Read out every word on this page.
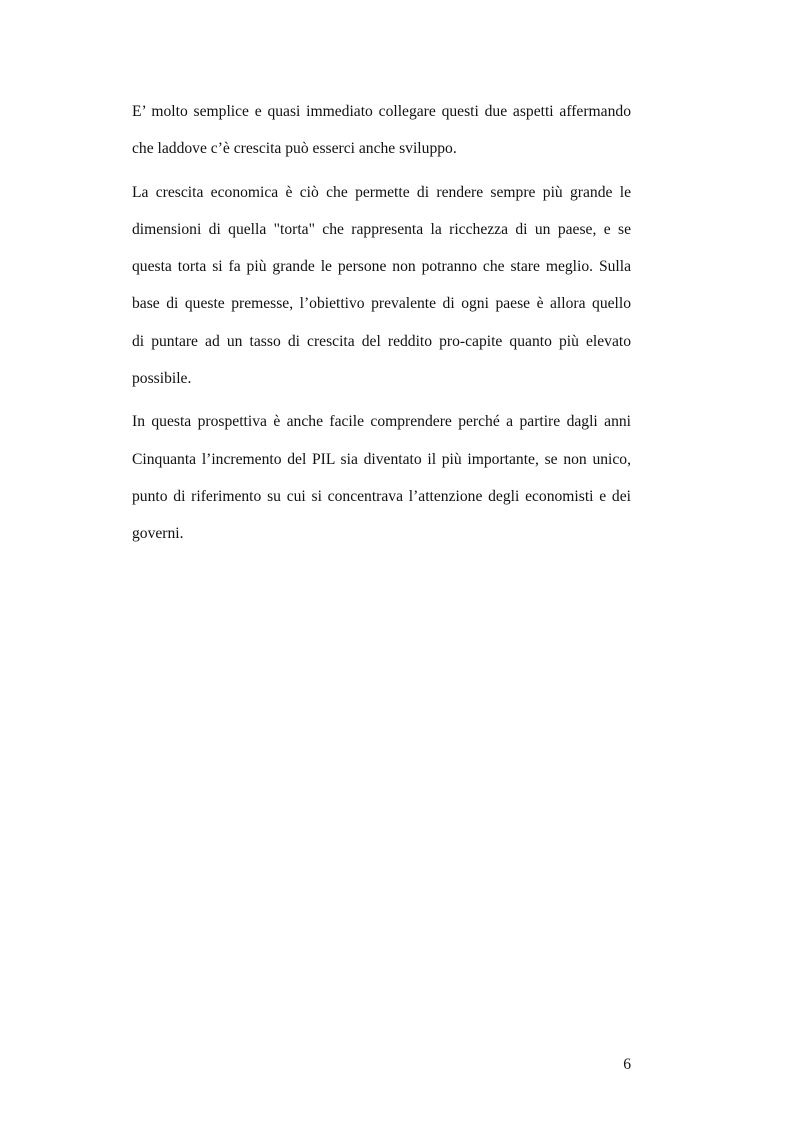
E’ molto semplice e quasi immediato collegare questi due aspetti affermando
che laddove c’è crescita può esserci anche sviluppo.

La crescita economica è ciò che permette di rendere sempre più grande le
dimensioni di quella "torta" che rappresenta la ricchezza di un paese, e se
questa torta si fa più grande le persone non potranno che stare meglio. Sulla
base di queste premesse, l’obiettivo prevalente di ogni paese è allora quello
di puntare ad un tasso di crescita del reddito pro-capite quanto più elevato
possibile.

In questa prospettiva è anche facile comprendere perché a partire dagli anni
Cinquanta l’incremento del PIL sia diventato il più importante, se non unico,
punto di riferimento su cui si concentrava l’attenzione degli economisti e dei
governi.

6
